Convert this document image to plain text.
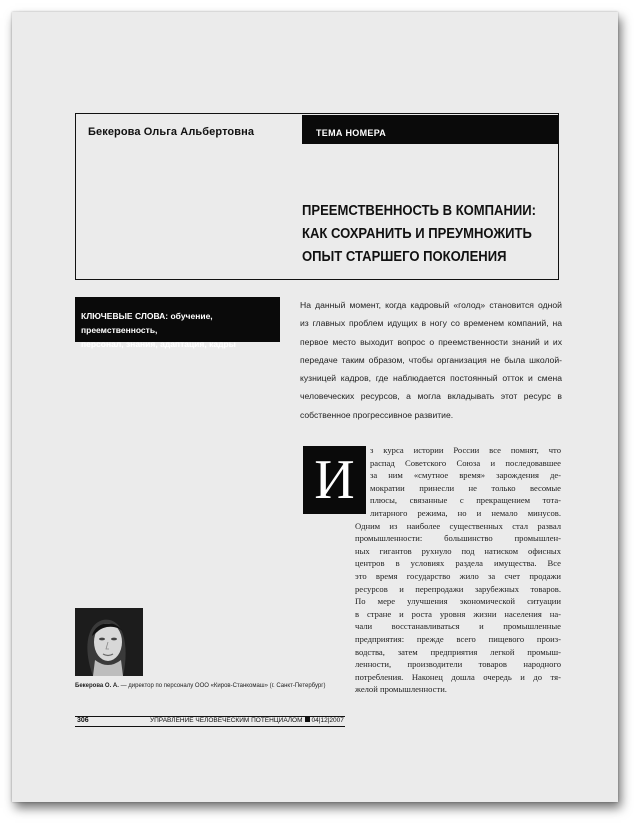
Бекерова Ольга Альбертовна	ТЕМА НОМЕРА
ПРЕЕМСТВЕННОСТЬ В КОМПАНИИ:
КАК СОХРАНИТЬ И ПРЕУМНОЖИТЬ
ОПЫТ СТАРШЕГО ПОКОЛЕНИЯ
КЛЮЧЕВЫЕ СЛОВА: обучение, преемственность,
персонал, знания, адаптация, кадры
На данный момент, когда кадровый «голод» становится одной
из главных проблем идущих в ногу со временем компаний, на
первое место выходит вопрос о преемственности знаний и их
передаче таким образом, чтобы организация не была школой-
кузницей кадров, где наблюдается постоянный отток и смена
человеческих ресурсов, а могла вкладывать этот ресурс в
собственное прогрессивное развитие.
И	з курса истории России все помнят, что
распад Советского Союза и последовавшее
за ним «смутное время» зарождения де-
мократии принесли не только весомые
плюсы, связанные с прекращением тота-
литарного режима, но и немало минусов.
Одним из наиболее существенных стал развал
промышленности: большинство промышлен-
ных гигантов рухнуло под натиском офисных
центров в условиях раздела имущества. Все
это время государство жило за счет продажи
ресурсов и перепродажи зарубежных товаров.
По мере улучшения экономической ситуации
в стране и роста уровня жизни населения на-
чали восстанавливаться и промышленные
предприятия: прежде всего пищевого произ-
водства, затем предприятия легкой промыш-
ленности, производители товаров народного
потребления. Наконец дошла очередь и до тя-
желой промышленности.
Бекерова О. А. — директор по персоналу ООО «Киров-Станкомаш» (г. Санкт-Петербург)
306	УПРАВЛЕНИЕ ЧЕЛОВЕЧЕСКИМ ПОТЕНЦИАЛОМ 04|12|2007
